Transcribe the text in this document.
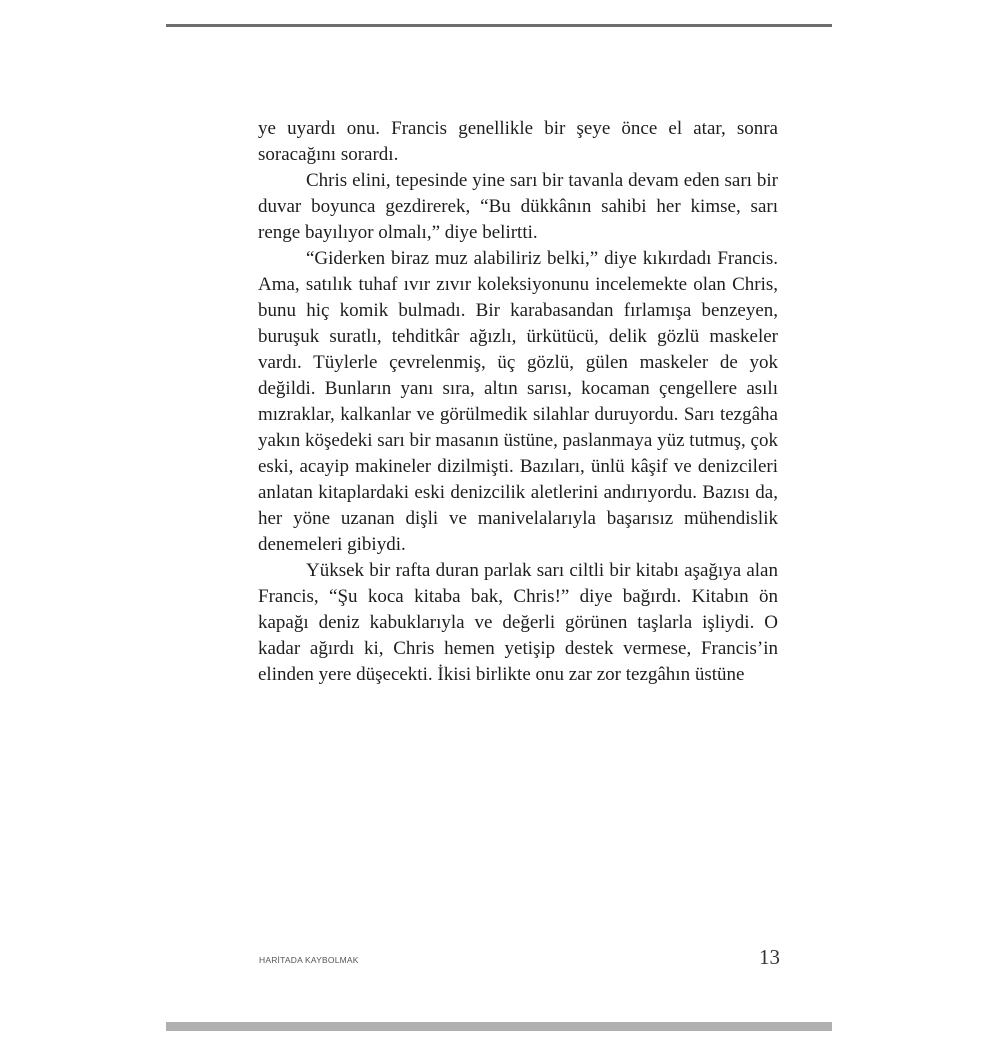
ye uyardı onu. Francis genellikle bir şeye önce el atar, sonra soracağını sorardı.

Chris elini, tepesinde yine sarı bir tavanla devam eden sarı bir duvar boyunca gezdirerek, “Bu dükkânın sahibi her kimse, sarı renge bayılıyor olmalı,” diye belirtti.

“Giderken biraz muz alabiliriz belki,” diye kıkırdadı Francis. Ama, satılık tuhaf ıvır zıvır koleksiyonunu incelemekte olan Chris, bunu hiç komik bulmadı. Bir karabasandan fırlamışa benzeyen, buruşuk suratlı, tehditkâr ağızlı, ürkütücü, delik gözlü maskeler vardı. Tüylerle çevrelenmiş, üç gözlü, gülen maskeler de yok değildi. Bunların yanı sıra, altın sarısı, kocaman çengellere asılı mızraklar, kalkanlar ve görülmedik silahlar duruyordu. Sarı tezgâha yakın köşedeki sarı bir masanın üstüne, paslanmaya yüz tutmuş, çok eski, acayip makineler dizilmişti. Bazıları, ünlü kâşif ve denizcileri anlatan kitaplardaki eski denizcilik aletlerini andırıyordu. Bazısı da, her yöne uzanan dişli ve manivelalarıyla başarısız mühendislik denemeleri gibiydi.

Yüksek bir rafta duran parlak sarı ciltli bir kitabı aşağıya alan Francis, “Şu koca kitaba bak, Chris!” diye bağırdı. Kitabın ön kapağı deniz kabuklarıyla ve değerli görünen taşlarla işliydi. O kadar ağırdı ki, Chris hemen yetişip destek vermese, Francis’in elinden yere düşecekti. İkisi birlikte onu zar zor tezgâhın üstüne

HARİTADA KAYBOLMAK	13
